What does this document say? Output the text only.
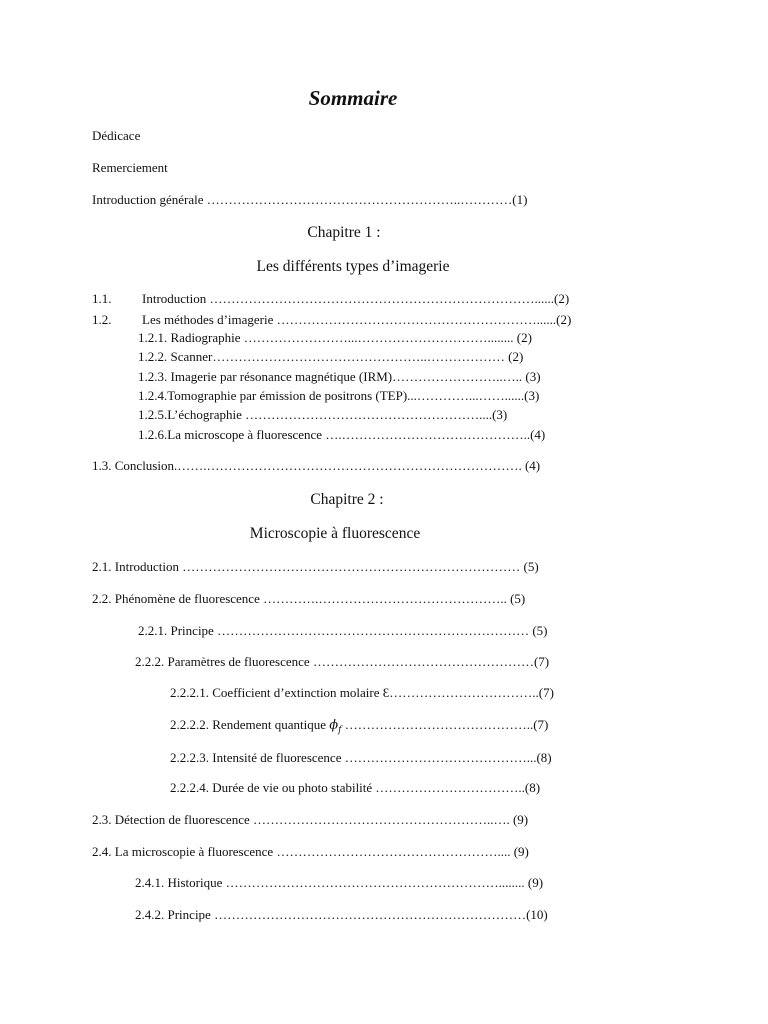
Sommaire
Dédicace
Remerciement
Introduction générale …………………………………………………..…………(1)
Chapitre 1 :
Les différents types d’imagerie
1.1. Introduction …………………………………………………………………......(2)
1.2. Les méthodes d’imagerie ……………………………………………………......(2)
1.2.1. Radiographie ……………………...…………………………........ (2)
1.2.2. Scanner…………………………………………..……………… (2)
1.2.3. Imagerie par résonance magnétique (IRM)……………………..….. (3)
1.2.4.Tomographie par émission de positrons (TEP)...…………...……......(3)
1.2.5.L’échographie ………………………………………………....(3)
1.2.6.La microscope à fluorescence ….……………………………………..(4)
1.3. Conclusion.…….………………………………………………………………. (4)
Chapitre 2 :
Microscopie à fluorescence
2.1. Introduction …………………………………………………………………… (5)
2.2. Phénomène de fluorescence ………….…………………………………….. (5)
2.2.1. Principe ……………………………………………………………… (5)
2.2.2. Paramètres de fluorescence ……………………………………………(7)
2.2.2.1. Coefficient d’extinction molaire Ɛ……………………………..(7)
2.2.2.2. Rendement quantique $\phi_f$ ……………………………………..(7)
2.2.2.3. Intensité de fluorescence ……………………………………...(8)
2.2.2.4. Durée de vie ou photo stabilité ……………………………..(8)
2.3. Détection de fluorescence ………………………………………………..…. (9)
2.4. La microscopie à fluorescence …………………………………………….... (9)
2.4.1. Historique ………………………………………………………........ (9)
2.4.2. Principe ………………………………………………………………(10)
